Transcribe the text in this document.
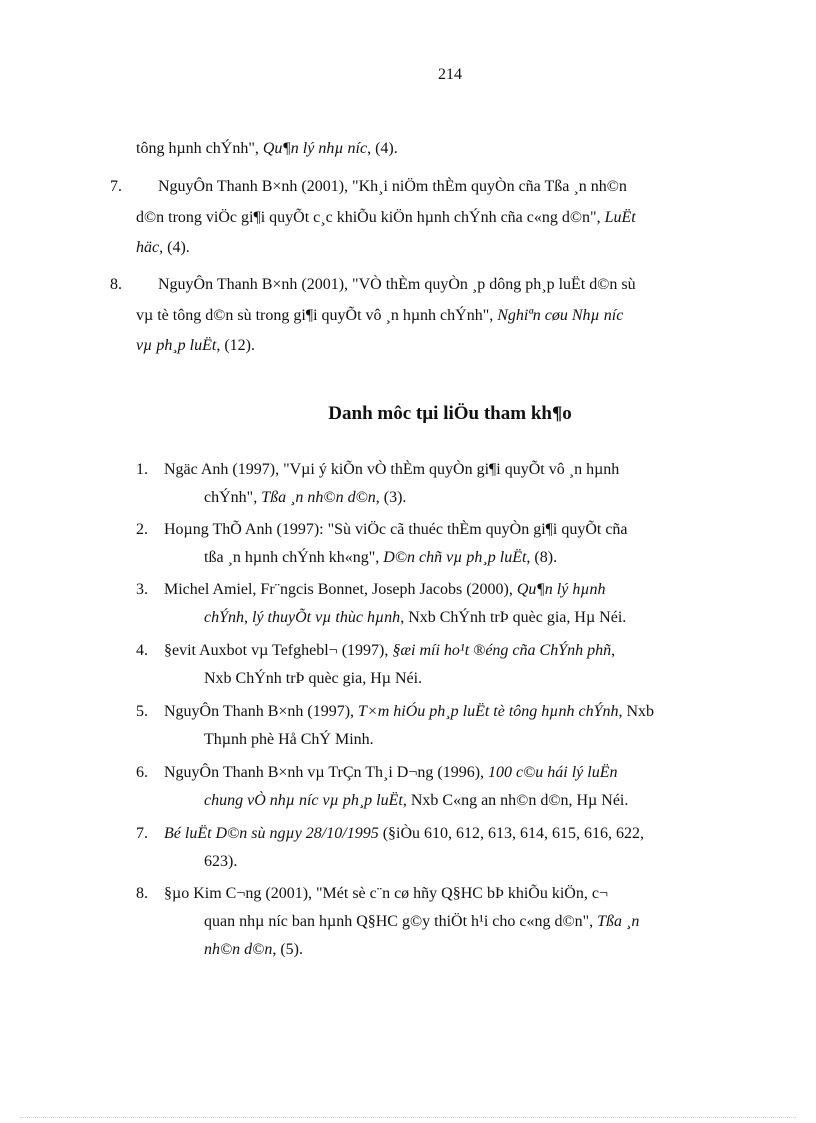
214
tông hµnh chÝnh", Qu¶n lý nhµ níc, (4).
7. NguyÔn Thanh B×nh (2001), "Kh¸i niÖm thÈm quyÒn cña Tßa ¸n nh©n
d©n trong viÖc gi¶i quyÕt c¸c khiÕu kiÖn hµnh chÝnh cña c«ng d©n", LuËt
häc, (4).
8. NguyÔn Thanh B×nh (2001), "VÒ thÈm quyÒn ¸p dông ph¸p luËt d©n sù
vµ tè tông d©n sù trong gi¶i quyÕt vô ¸n hµnh chÝnh", Nghiªn cøu Nhµ níc
vµ ph¸p luËt, (12).
Danh môc tµi liÖu tham kh¶o
1. Ngäc Anh (1997), "Vµi ý kiÕn vÒ thÈm quyÒn gi¶i quyÕt vô ¸n hµnh
chÝnh", Tßa ¸n nh©n d©n, (3).
2. Hoµng ThÕ Anh (1997): "Sù viÖc cã thuéc thÈm quyÒn gi¶i quyÕt cña
tßa ¸n hµnh chÝnh kh«ng", D©n chñ vµ ph¸p luËt, (8).
3. Michel Amiel, Fr¨ngcis Bonnet, Joseph Jacobs (2000), Qu¶n lý hµnh
chÝnh, lý thuyÕt vµ thùc hµnh, Nxb ChÝnh trÞ quèc gia, Hµ Néi.
4. §evit Auxbot vµ Tefghebl¬ (1997), §æi míi ho¹t ®éng cña ChÝnh phñ,
Nxb ChÝnh trÞ quèc gia, Hµ Néi.
5. NguyÔn Thanh B×nh (1997), T×m hiÓu ph¸p luËt tè tông hµnh chÝnh, Nxb
Thµnh phè Hå ChÝ Minh.
6. NguyÔn Thanh B×nh vµ TrÇn Th¸i D¬ng (1996), 100 c©u hái lý luËn
chung vÒ nhµ níc vµ ph¸p luËt, Nxb C«ng an nh©n d©n, Hµ Néi.
7. Bé luËt D©n sù ngµy 28/10/1995 (§iÒu 610, 612, 613, 614, 615, 616, 622,
623).
8. §µo Kim C¬ng (2001), "Mét sè c¨n cø hñy Q§HC bÞ khiÕu kiÖn, c¬
quan nhµ níc ban hµnh Q§HC g©y thiÖt h¹i cho c«ng d©n", Tßa ¸n
nh©n d©n, (5).
